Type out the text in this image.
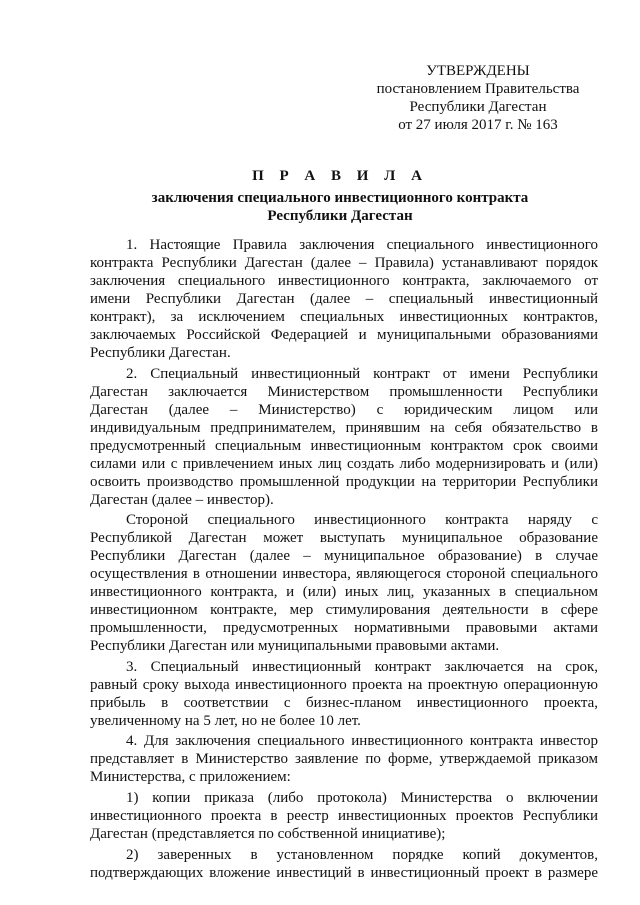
УТВЕРЖДЕНЫ
постановлением Правительства
Республики Дагестан
от 27 июля 2017 г. № 163
П Р А В И Л А
заключения специального инвестиционного контракта
Республики Дагестан
1. Настоящие Правила заключения специального инвестиционного
контракта Республики Дагестан (далее – Правила) устанавливают порядок
заключения специального инвестиционного контракта, заключаемого от
имени Республики Дагестан (далее – специальный инвестиционный
контракт), за исключением специальных инвестиционных контрактов,
заключаемых Российской Федерацией и муниципальными образованиями
Республики Дагестан.
2. Специальный инвестиционный контракт от имени Республики
Дагестан заключается Министерством промышленности Республики
Дагестан (далее – Министерство) с юридическим лицом или
индивидуальным предпринимателем, принявшим на себя обязательство в
предусмотренный специальным инвестиционным контрактом срок своими
силами или с привлечением иных лиц создать либо модернизировать и (или)
освоить производство промышленной продукции на территории Республики
Дагестан (далее – инвестор).
Стороной специального инвестиционного контракта наряду с
Республикой Дагестан может выступать муниципальное образование
Республики Дагестан (далее – муниципальное образование) в случае
осуществления в отношении инвестора, являющегося стороной специального
инвестиционного контракта, и (или) иных лиц, указанных в специальном
инвестиционном контракте, мер стимулирования деятельности в сфере
промышленности, предусмотренных нормативными правовыми актами
Республики Дагестан или муниципальными правовыми актами.
3. Специальный инвестиционный контракт заключается на срок,
равный сроку выхода инвестиционного проекта на проектную операционную
прибыль в соответствии с бизнес-планом инвестиционного проекта,
увеличенному на 5 лет, но не более 10 лет.
4. Для заключения специального инвестиционного контракта инвестор
представляет в Министерство заявление по форме, утверждаемой приказом
Министерства, с приложением:
1) копии приказа (либо протокола) Министерства о включении
инвестиционного проекта в реестр инвестиционных проектов Республики
Дагестан (представляется по собственной инициативе);
2) заверенных в установленном порядке копий документов,
подтверждающих вложение инвестиций в инвестиционный проект в размере
